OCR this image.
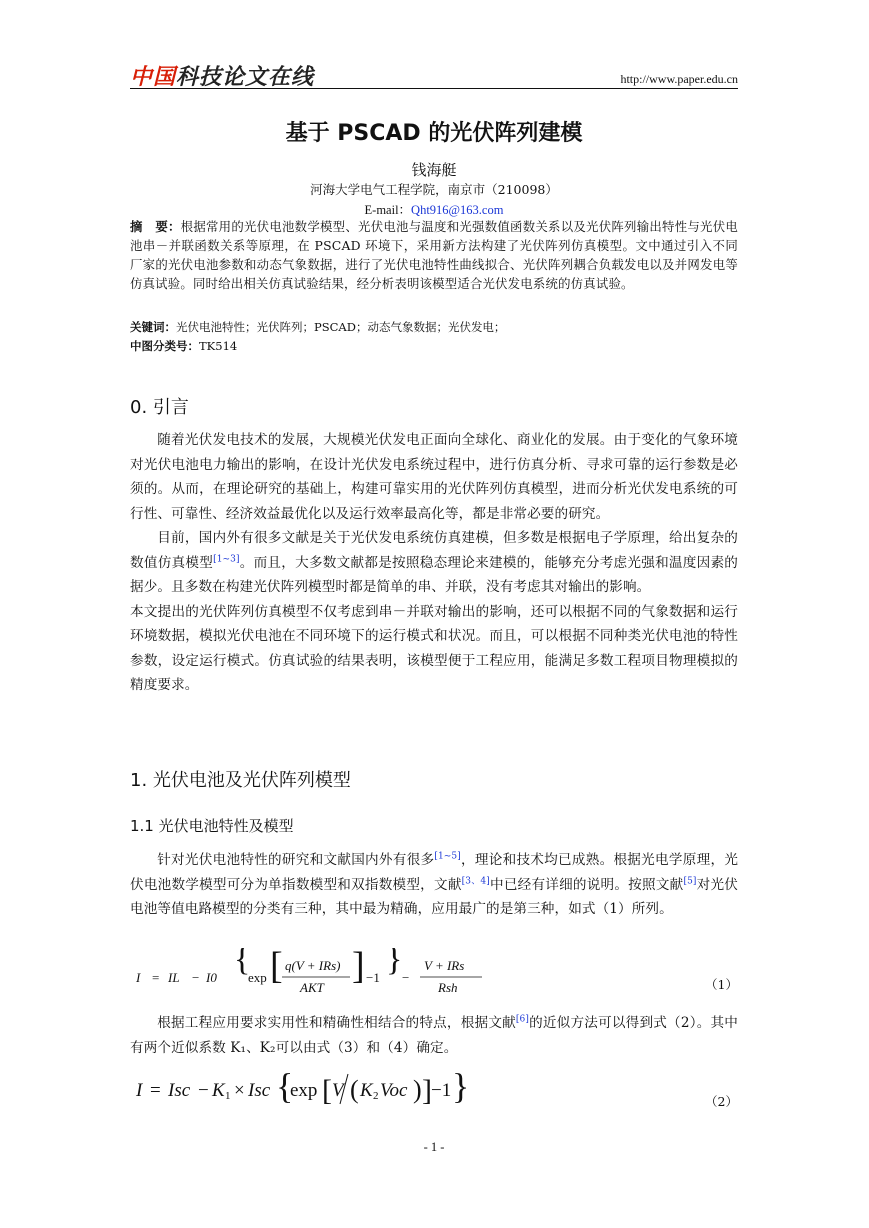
中国科技论文在线	http://www.paper.edu.cn
基于 PSCAD 的光伏阵列建模
钱海艇
河海大学电气工程学院，南京市（210098）
E-mail：Qht916@163.com
摘　要：根据常用的光伏电池数学模型、光伏电池与温度和光强数值函数关系以及光伏阵列输出特性与光伏电池串－并联函数关系等原理，在 PSCAD 环境下，采用新方法构建了光伏阵列仿真模型。文中通过引入不同厂家的光伏电池参数和动态气象数据，进行了光伏电池特性曲线拟合、光伏阵列耦合负载发电以及并网发电等仿真试验。同时给出相关仿真试验结果，经分析表明该模型适合光伏发电系统的仿真试验。
关键词：光伏电池特性；光伏阵列；PSCAD；动态气象数据；光伏发电；
中图分类号：TK514
0. 引言

随着光伏发电技术的发展，大规模光伏发电正面向全球化、商业化的发展。由于变化的气象环境对光伏电池电力输出的影响，在设计光伏发电系统过程中，进行仿真分析、寻求可靠的运行参数是必须的。从而，在理论研究的基础上，构建可靠实用的光伏阵列仿真模型，进而分析光伏发电系统的可行性、可靠性、经济效益最优化以及运行效率最高化等，都是非常必要的研究。

目前，国内外有很多文献是关于光伏发电系统仿真建模，但多数是根据电子学原理，给出复杂的数值仿真模型[1~3]。而且，大多数文献都是按照稳态理论来建模的，能够充分考虑光强和温度因素的据少。且多数在构建光伏阵列模型时都是简单的串、并联，没有考虑其对输出的影响。

本文提出的光伏阵列仿真模型不仅考虑到串－并联对输出的影响，还可以根据不同的气象数据和运行环境数据，模拟光伏电池在不同环境下的运行模式和状况。而且，可以根据不同种类光伏电池的特性参数，设定运行模式。仿真试验的结果表明，该模型便于工程应用，能满足多数工程项目物理模拟的精度要求。

1. 光伏电池及光伏阵列模型
1.1 光伏电池特性及模型

针对光伏电池特性的研究和文献国内外有很多[1~5]，理论和技术均已成熟。根据光电学原理，光伏电池数学模型可分为单指数模型和双指数模型，文献[3、4]中已经有详细的说明。按照文献[5]对光伏电池等值电路模型的分类有三种，其中最为精确，应用最广的是第三种，如式（1）所列。

I = IL − I0 {
exp [ q(V + IRs)
AKT
] −1 } −
V + IRs
Rsh	（1）

根据工程应用要求实用性和精确性相结合的特点，根据文献[6]的近似方法可以得到式（2）。其中有两个近似系数 K₁、K₂可以由式（3）和（4）确定。

I = Isc − K 1 × Isc {
exp [ V ( K 2 Voc ) ] −1 }	（2）
- 1 -
